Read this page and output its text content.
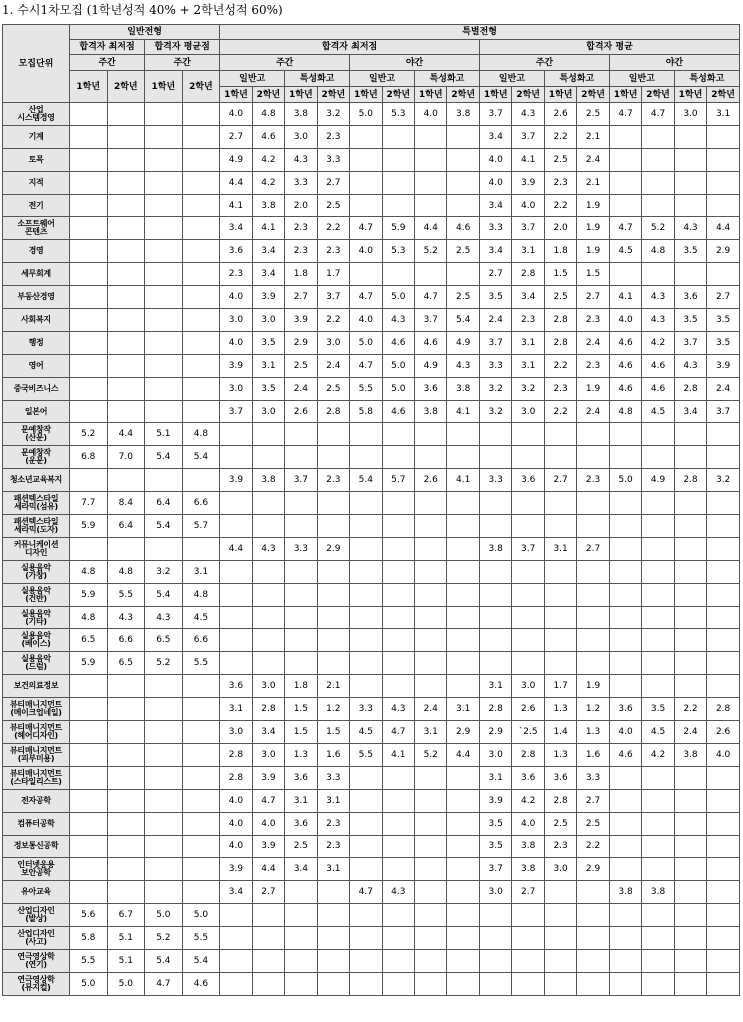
1. 수시1차모집 (1학년성적 40% + 2학년성적 60%)
모집단위	일반전형				특별전형															
	합격자 최저점		합격자 평균점		합격자 최저점								합격자 평균							
	주간		주간		주간				야간				주간				야간			
	1학년	2학년	1학년	2학년	일반고		특성화고		일반고		특성화고		일반고		특성화고		일반고		특성화고	
					1학년	2학년	1학년	2학년	1학년	2학년	1학년	2학년	1학년	2학년	1학년	2학년	1학년	2학년	1학년	2학년

산업
시스템경영					4.0	4.8	3.8	3.2	5.0	5.3	4.0	3.8	3.7	4.3	2.6	2.5	4.7	4.7	3.0	3.1

기계					2.7	4.6	3.0	2.3					3.4	3.7	2.2	2.1				

토목					4.9	4.2	4.3	3.3					4.0	4.1	2.5	2.4				

지적					4.4	4.2	3.3	2.7					4.0	3.9	2.3	2.1				

전기					4.1	3.8	2.0	2.5					3.4	4.0	2.2	1.9				

소프트웨어
콘텐츠					3.4	4.1	2.3	2.2	4.7	5.9	4.4	4.6	3.3	3.7	2.0	1.9	4.7	5.2	4.3	4.4

경영					3.6	3.4	2.3	2.3	4.0	5.3	5.2	2.5	3.4	3.1	1.8	1.9	4.5	4.8	3.5	2.9

세무회계					2.3	3.4	1.8	1.7					2.7	2.8	1.5	1.5				

부동산경영					4.0	3.9	2.7	3.7	4.7	5.0	4.7	2.5	3.5	3.4	2.5	2.7	4.1	4.3	3.6	2.7

사회복지					3.0	3.0	3.9	2.2	4.0	4.3	3.7	5.4	2.4	2.3	2.8	2.3	4.0	4.3	3.5	3.5

행정					4.0	3.5	2.9	3.0	5.0	4.6	4.6	4.9	3.7	3.1	2.8	2.4	4.6	4.2	3.7	3.5

영어					3.9	3.1	2.5	2.4	4.7	5.0	4.9	4.3	3.3	3.1	2.2	2.3	4.6	4.6	4.3	3.9

중국비즈니스					3.0	3.5	2.4	2.5	5.5	5.0	3.6	3.8	3.2	3.2	2.3	1.9	4.6	4.6	2.8	2.4

일본어					3.7	3.0	2.6	2.8	5.8	4.6	3.8	4.1	3.2	3.0	2.2	2.4	4.8	4.5	3.4	3.7

문예창작
(산문)	5.2	4.4	5.1	4.8																

문예창작
(운문)	6.8	7.0	5.4	5.4																

청소년교육복지					3.9	3.8	3.7	2.3	5.4	5.7	2.6	4.1	3.3	3.6	2.7	2.3	5.0	4.9	2.8	3.2

패션텍스타일
세라믹(섬유)	7.7	8.4	6.4	6.6																

패션텍스타일
세라믹(도자)	5.9	6.4	5.4	5.7																

커뮤니케이션
디자인					4.4	4.3	3.3	2.9					3.8	3.7	3.1	2.7				

실용음악
(가창)	4.8	4.8	3.2	3.1																

실용음악
(건반)	5.9	5.5	5.4	4.8																

실용음악
(기타)	4.8	4.3	4.3	4.5																

실용음악
(베이스)	6.5	6.6	6.5	6.6																

실용음악
(드럼)	5.9	6.5	5.2	5.5																

보건의료정보					3.6	3.0	1.8	2.1					3.1	3.0	1.7	1.9				

뷰티매니지먼트
(메이크업네일)					3.1	2.8	1.5	1.2	3.3	4.3	2.4	3.1	2.8	2.6	1.3	1.2	3.6	3.5	2.2	2.8

뷰티매니지먼트
(헤어디자인)					3.0	3.4	1.5	1.5	4.5	4.7	3.1	2.9	2.9	`2.5	1.4	1.3	4.0	4.5	2.4	2.6

뷰티매니지먼트
(피부미용)					2.8	3.0	1.3	1.6	5.5	4.1	5.2	4.4	3.0	2.8	1.3	1.6	4.6	4.2	3.8	4.0

뷰티매니지먼트
(스타일리스트)					2.8	3.9	3.6	3.3					3.1	3.6	3.6	3.3				

전자공학					4.0	4.7	3.1	3.1					3.9	4.2	2.8	2.7				

컴퓨터공학					4.0	4.0	3.6	2.3					3.5	4.0	2.5	2.5				

정보통신공학					4.0	3.9	2.5	2.3					3.5	3.8	2.3	2.2				

인터넷응용
보안공학					3.9	4.4	3.4	3.1					3.7	3.8	3.0	2.9				

유아교육					3.4	2.7			4.7	4.3			3.0	2.7			3.8	3.8		

산업디자인
(발상)	5.6	6.7	5.0	5.0																

산업디자인
(사고)	5.8	5.1	5.2	5.5																

연극영상학
(연기)	5.5	5.1	5.4	5.4																

연극영상학
(뮤지컬)	5.0	5.0	4.7	4.6																
